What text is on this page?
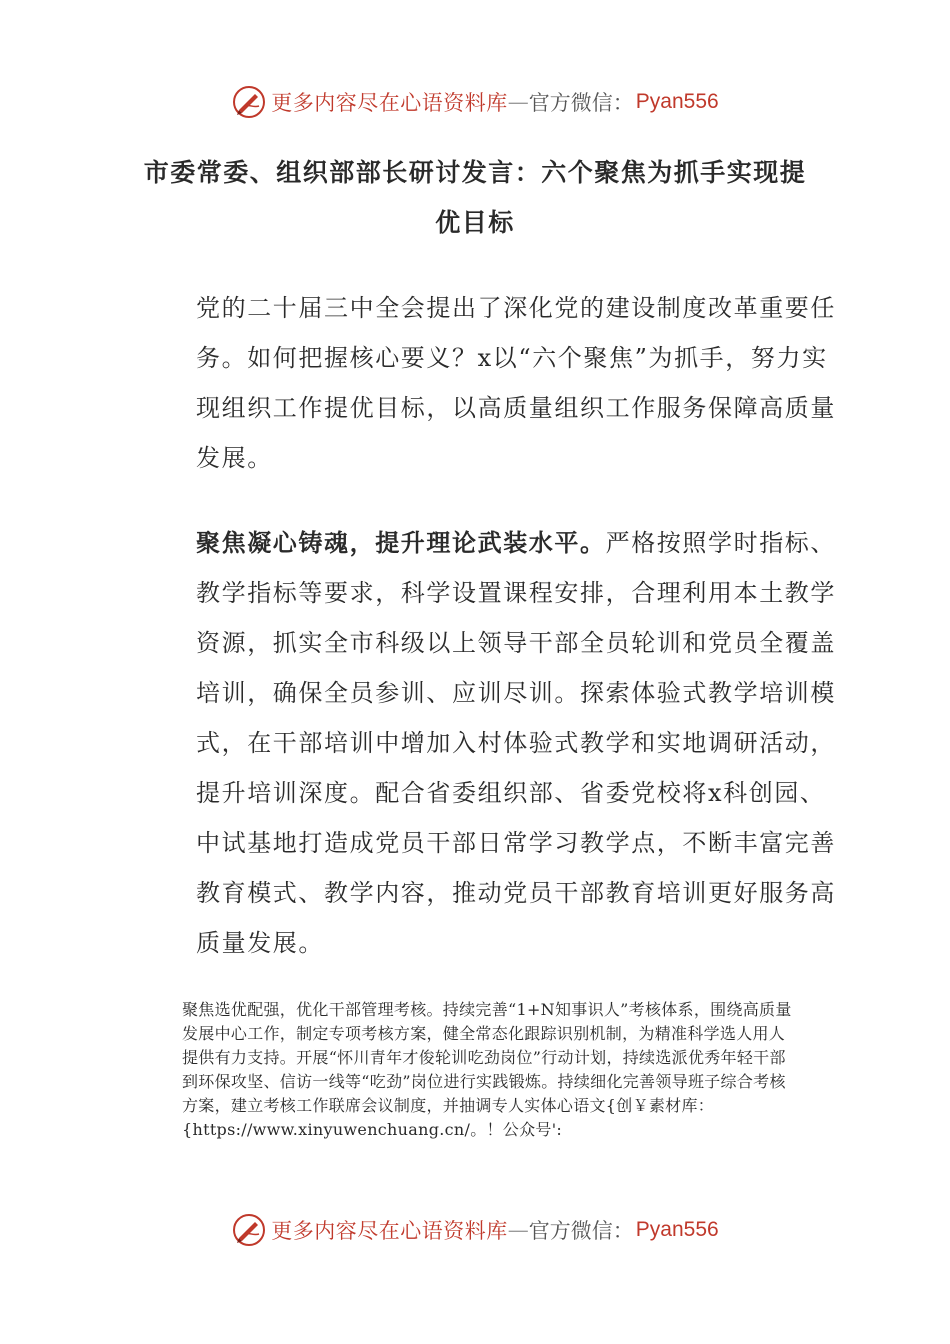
更多内容尽在心语资料库 — 官方微信： Pyan556
市委常委、组织部部长研讨发言：六个聚焦为抓手实现提
优目标
党的二十届三中全会提出了深化党的建设制度改革重要任务。如何把握核心要义？x以“六个聚焦”为抓手，努力实现组织工作提优目标，以高质量组织工作服务保障高质量发展。
聚焦凝心铸魂，提升理论武装水平。严格按照学时指标、教学指标等要求，科学设置课程安排，合理利用本土教学资源，抓实全市科级以上领导干部全员轮训和党员全覆盖培训，确保全员参训、应训尽训。探索体验式教学培训模式，在干部培训中增加入村体验式教学和实地调研活动，提升培训深度。配合省委组织部、省委党校将x科创园、中试基地打造成党员干部日常学习教学点，不断丰富完善教育模式、教学内容，推动党员干部教育培训更好服务高质量发展。
聚焦选优配强，优化干部管理考核。持续完善“1+N知事识人”考核体系，围绕高质量发展中心工作，制定专项考核方案，健全常态化跟踪识别机制，为精准科学选人用人提供有力支持。开展“怀川青年才俊轮训吃劲岗位”行动计划，持续选派优秀年轻干部到环保攻坚、信访一线等“吃劲”岗位进行实践锻炼。持续细化完善领导班子综合考核方案，建立考核工作联席会议制度，并抽调专人实体心语文{创￥素材库：{https://www.xinyuwenchuang.cn/。！公众号':
更多内容尽在心语资料库 — 官方微信： Pyan556
